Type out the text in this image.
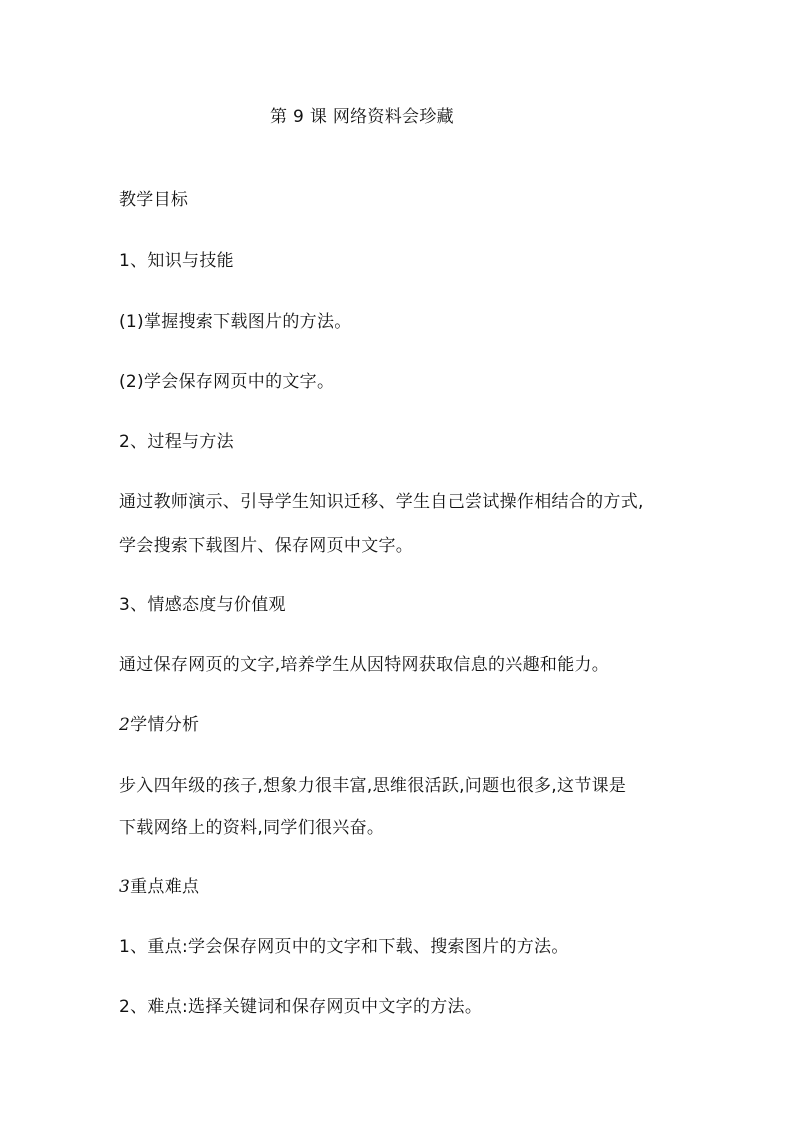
第 9 课 网络资料会珍藏
教学目标
1、知识与技能
(1)掌握搜索下载图片的方法。
(2)学会保存网页中的文字。
2、过程与方法
通过教师演示、引导学生知识迁移、学生自己尝试操作相结合的方式,
学会搜索下载图片、保存网页中文字。
3、情感态度与价值观
通过保存网页的文字,培养学生从因特网获取信息的兴趣和能力。
2学情分析
步入四年级的孩子,想象力很丰富,思维很活跃,问题也很多,这节课是
下载网络上的资料,同学们很兴奋。
3重点难点
1、重点:学会保存网页中的文字和下载、搜索图片的方法。
2、难点:选择关键词和保存网页中文字的方法。
